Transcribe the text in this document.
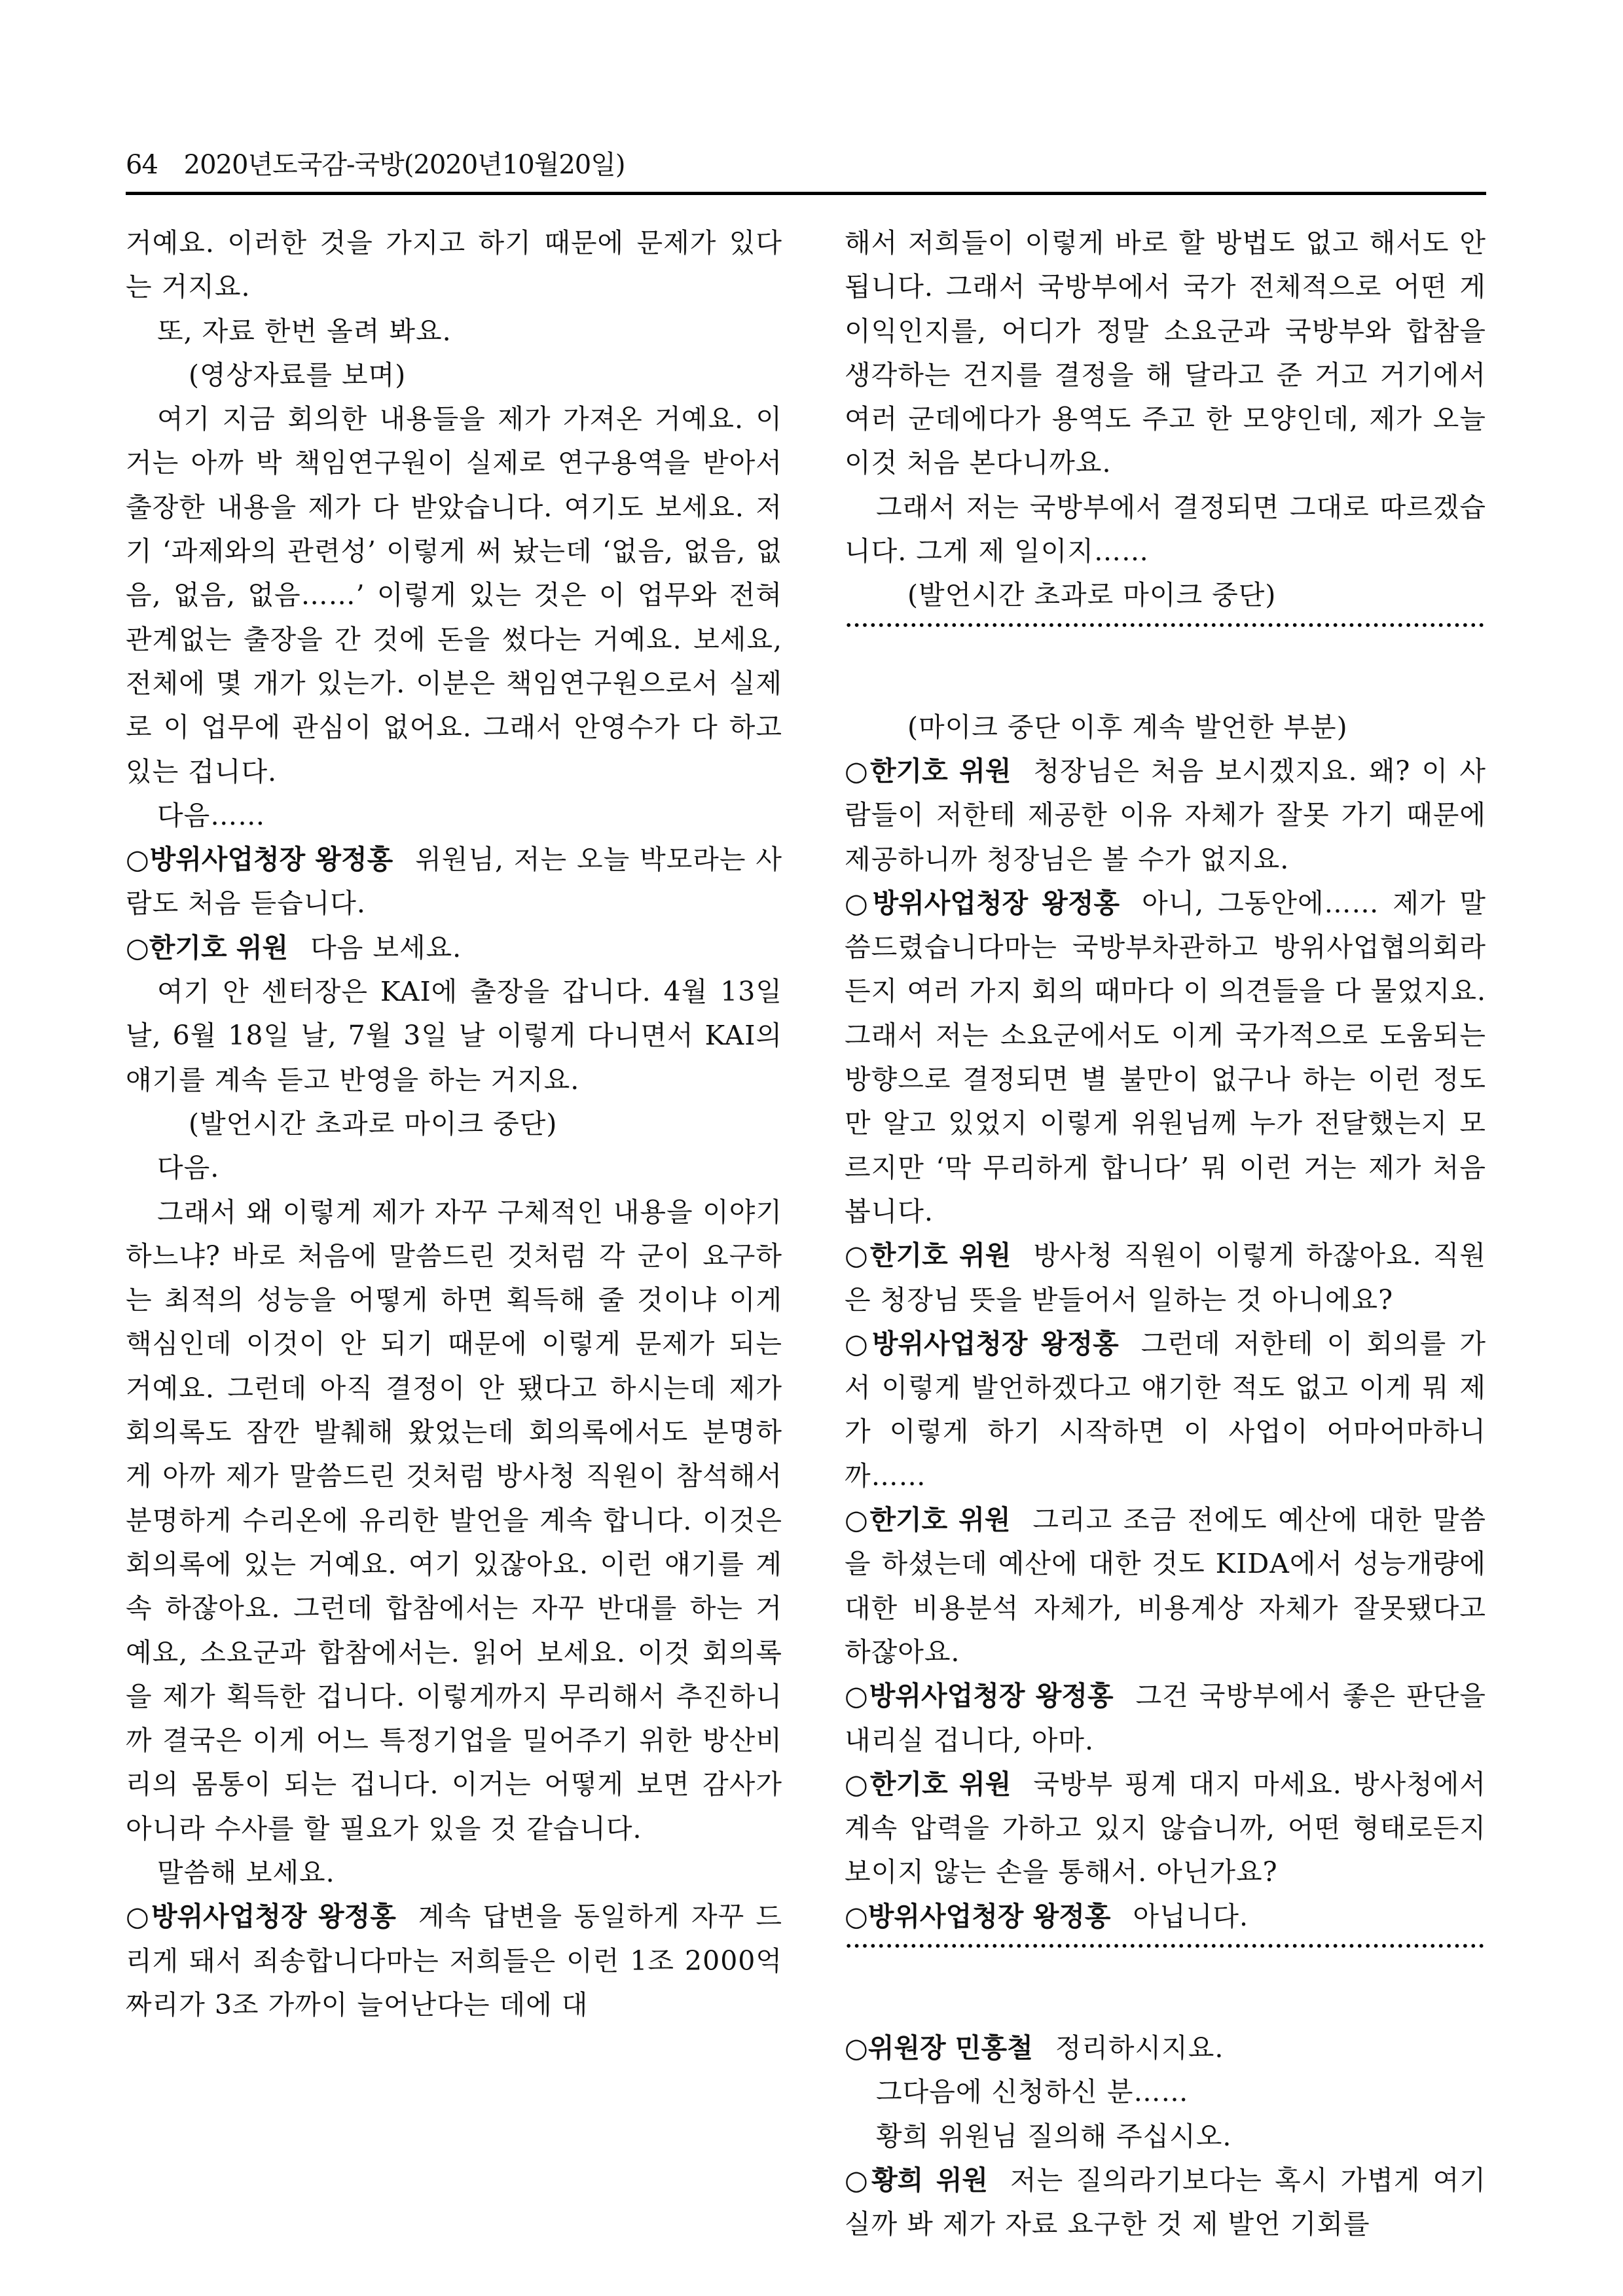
64 2020년도국감-국방(2020년10월20일)

거예요. 이러한 것을 가지고 하기 때문에 문제가 있다는 거지요.

또, 자료 한번 올려 봐요.

(영상자료를 보며)

여기 지금 회의한 내용들을 제가 가져온 거예요. 이거는 아까 박 책임연구원이 실제로 연구용역을 받아서 출장한 내용을 제가 다 받았습니다. 여기도 보세요. 저기 ‘과제와의 관련성’ 이렇게 써 놨는데 ‘없음, 없음, 없음, 없음, 없음……’ 이렇게 있는 것은 이 업무와 전혀 관계없는 출장을 간 것에 돈을 썼다는 거예요. 보세요, 전체에 몇 개가 있는가. 이분은 책임연구원으로서 실제로 이 업무에 관심이 없어요. 그래서 안영수가 다 하고 있는 겁니다.

다음……

○방위사업청장 왕정홍 위원님, 저는 오늘 박모라는 사람도 처음 듣습니다.

○한기호 위원 다음 보세요.

여기 안 센터장은 KAI에 출장을 갑니다. 4월 13일 날, 6월 18일 날, 7월 3일 날 이렇게 다니면서 KAI의 얘기를 계속 듣고 반영을 하는 거지요.

(발언시간 초과로 마이크 중단)

다음.

그래서 왜 이렇게 제가 자꾸 구체적인 내용을 이야기하느냐? 바로 처음에 말씀드린 것처럼 각 군이 요구하는 최적의 성능을 어떻게 하면 획득해 줄 것이냐 이게 핵심인데 이것이 안 되기 때문에 이렇게 문제가 되는 거예요. 그런데 아직 결정이 안 됐다고 하시는데 제가 회의록도 잠깐 발췌해 왔었는데 회의록에서도 분명하게 아까 제가 말씀드린 것처럼 방사청 직원이 참석해서 분명하게 수리온에 유리한 발언을 계속 합니다. 이것은 회의록에 있는 거예요. 여기 있잖아요. 이런 얘기를 계속 하잖아요. 그런데 합참에서는 자꾸 반대를 하는 거예요, 소요군과 합참에서는. 읽어 보세요. 이것 회의록을 제가 획득한 겁니다. 이렇게까지 무리해서 추진하니까 결국은 이게 어느 특정기업을 밀어주기 위한 방산비리의 몸통이 되는 겁니다. 이거는 어떻게 보면 감사가 아니라 수사를 할 필요가 있을 것 같습니다.

말씀해 보세요.

○방위사업청장 왕정홍 계속 답변을 동일하게 자꾸 드리게 돼서 죄송합니다마는 저희들은 이런 1조 2000억짜리가 3조 가까이 늘어난다는 데에 대

해서 저희들이 이렇게 바로 할 방법도 없고 해서도 안 됩니다. 그래서 국방부에서 국가 전체적으로 어떤 게 이익인지를, 어디가 정말 소요군과 국방부와 합참을 생각하는 건지를 결정을 해 달라고 준 거고 거기에서 여러 군데에다가 용역도 주고 한 모양인데, 제가 오늘 이것 처음 본다니까요.

그래서 저는 국방부에서 결정되면 그대로 따르겠습니다. 그게 제 일이지……

(발언시간 초과로 마이크 중단)

(마이크 중단 이후 계속 발언한 부분)

○한기호 위원 청장님은 처음 보시겠지요. 왜? 이 사람들이 저한테 제공한 이유 자체가 잘못 가기 때문에 제공하니까 청장님은 볼 수가 없지요.

○방위사업청장 왕정홍 아니, 그동안에…… 제가 말씀드렸습니다마는 국방부차관하고 방위사업협의회라든지 여러 가지 회의 때마다 이 의견들을 다 물었지요. 그래서 저는 소요군에서도 이게 국가적으로 도움되는 방향으로 결정되면 별 불만이 없구나 하는 이런 정도만 알고 있었지 이렇게 위원님께 누가 전달했는지 모르지만 ‘막 무리하게 합니다’ 뭐 이런 거는 제가 처음 봅니다.

○한기호 위원 방사청 직원이 이렇게 하잖아요. 직원은 청장님 뜻을 받들어서 일하는 것 아니에요?

○방위사업청장 왕정홍 그런데 저한테 이 회의를 가서 이렇게 발언하겠다고 얘기한 적도 없고 이게 뭐 제가 이렇게 하기 시작하면 이 사업이 어마어마하니까……

○한기호 위원 그리고 조금 전에도 예산에 대한 말씀을 하셨는데 예산에 대한 것도 KIDA에서 성능개량에 대한 비용분석 자체가, 비용계상 자체가 잘못됐다고 하잖아요.

○방위사업청장 왕정홍 그건 국방부에서 좋은 판단을 내리실 겁니다, 아마.

○한기호 위원 국방부 핑계 대지 마세요. 방사청에서 계속 압력을 가하고 있지 않습니까, 어떤 형태로든지 보이지 않는 손을 통해서. 아닌가요?

○방위사업청장 왕정홍 아닙니다.

○위원장 민홍철 정리하시지요.

그다음에 신청하신 분……

황희 위원님 질의해 주십시오.

○황희 위원 저는 질의라기보다는 혹시 가볍게 여기실까 봐 제가 자료 요구한 것 제 발언 기회를
